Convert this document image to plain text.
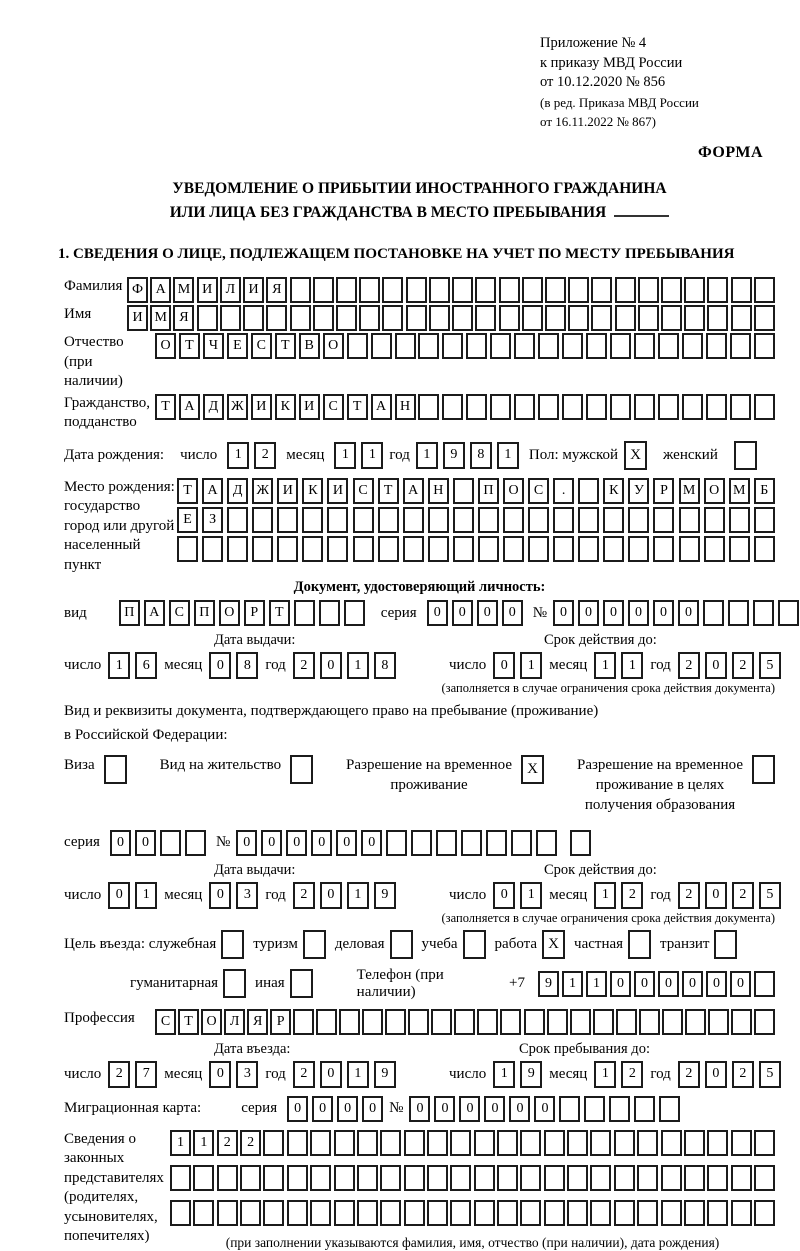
Приложение № 4
к приказу МВД России
от 10.12.2020 № 856
(в ред. Приказа МВД России
от 16.11.2022 № 867)
ФОРМА
УВЕДОМЛЕНИЕ О ПРИБЫТИИ ИНОСТРАННОГО ГРАЖДАНИНА
ИЛИ ЛИЦА БЕЗ ГРАЖДАНСТВА В МЕСТО ПРЕБЫВАНИЯ
1. СВЕДЕНИЯ О ЛИЦЕ, ПОДЛЕЖАЩЕМ ПОСТАНОВКЕ НА УЧЕТ ПО МЕСТУ ПРЕБЫВАНИЯ
Фамилия Ф А М И Л И Я
Имя	И М Я
Отчество
(при наличии)
О	Т	Ч	Е	С	Т	В	О
Гражданство,
подданство
Т	А	Д Ж И	К	И	С	Т	А Н
Дата рождения: число	1	2	месяц	1	1 год 1	9	8	1	Пол: мужской X	женский
Место рождения:
государство
город или другой
населенный пункт
Т	А	Д	Ж И	К	И	С	Т	А	Н	П	О	С	.	К	У	Р	М О М	Б
Е	З
Документ, удостоверяющий личность:
вид	П	А	С	П	О	Р	Т	серия	0	0	0	0	№ 0	0	0	0	0	0
Дата выдачи:
число	1	6 месяц	0	8 год	2	0	1	8
Срок действия до:
число	0	1 месяц	1	1 год	2	0	2	5
(заполняется в случае ограничения срока действия документа)
Вид и реквизиты документа, подтверждающего право на пребывание (проживание)
в Российской Федерации:
Виза	Вид на жительство	Разрешение на временное
проживание
X	Разрешение на временное
проживание в целях
получения образования
серия	0	0	№ 0	0	0	0	0	0
Дата выдачи:
число	0	1 месяц	0	3 год	2	0	1	9
Срок действия до:
число	0	1 месяц	1	2 год	2	0	2	5
(заполняется в случае ограничения срока действия документа)
Цель въезда: служебная туризм деловая учеба работа X	частная транзит
гуманитарная иная
Телефон (при наличии)
+7	9	1	1	0	0	0	0	0	0
Профессия	С	Т О Л Я	Р
Дата въезда:
число	2	7 месяц	0	3 год	2	0	1	9
Срок пребывания до:
число	1	9 месяц	1	2 год	2	0	2	5
Миграционная карта:	серия	0	0	0	0 № 0	0	0	0	0	0
Сведения о
законных
представителях
(родителях,
усыновителях,
попечителях)
1	1	2	2
(при заполнении указываются фамилия, имя, отчество (при наличии), дата рождения)
